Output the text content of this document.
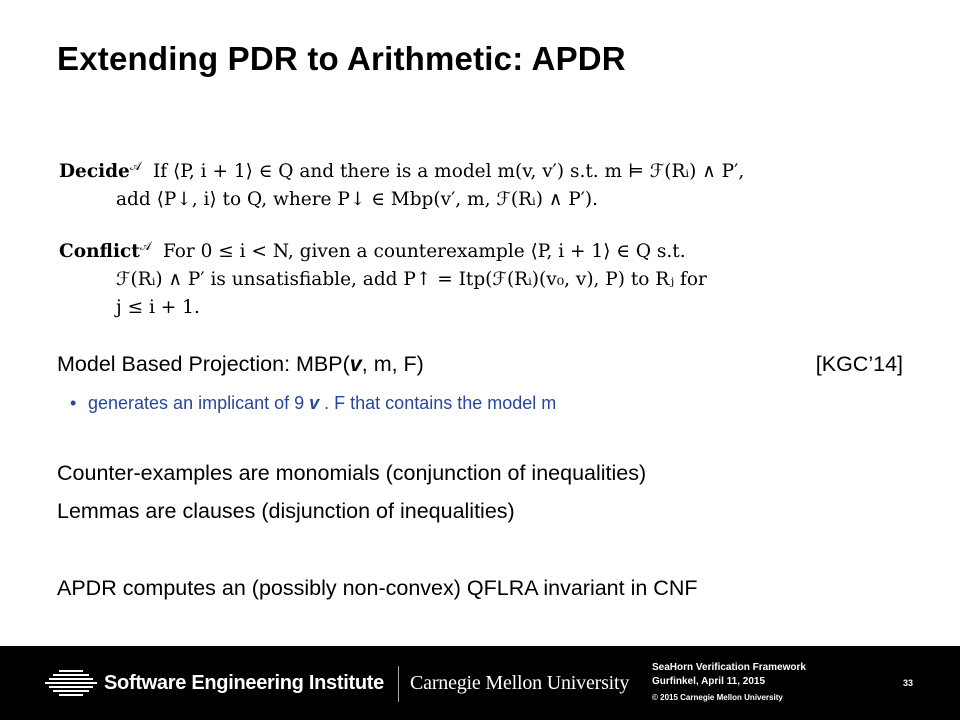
Extending PDR to Arithmetic: APDR
Decide$^𝒜$ If ⟨P, i + 1⟩ ∈ Q and there is a model m(v, v′) s.t. m ⊨ ℱ(Rᵢ) ∧ P′,
add ⟨P↓, i⟩ to Q, where P↓ ∈ Mbp(v′, m, ℱ(Rᵢ) ∧ P′).
Conflict$^𝒜$ For 0 ≤ i < N, given a counterexample ⟨P, i + 1⟩ ∈ Q s.t.
ℱ(Rᵢ) ∧ P′ is unsatisfiable, add P↑ = Itp(ℱ(Rᵢ)(v₀, v), P) to Rⱼ for
j ≤ i + 1.
Model Based Projection: MBP(v, m, F)	[KGC’14]
• generates an implicant of 9 v . F that contains the model m
Counter-examples are monomials (conjunction of inequalities)
Lemmas are clauses (disjunction of inequalities)
APDR computes an (possibly non-convex) QFLRA invariant in CNF
Software Engineering Institute Carnegie Mellon University
SeaHorn Verification Framework
Gurfinkel, April 11, 2015
© 2015 Carnegie Mellon University
33
